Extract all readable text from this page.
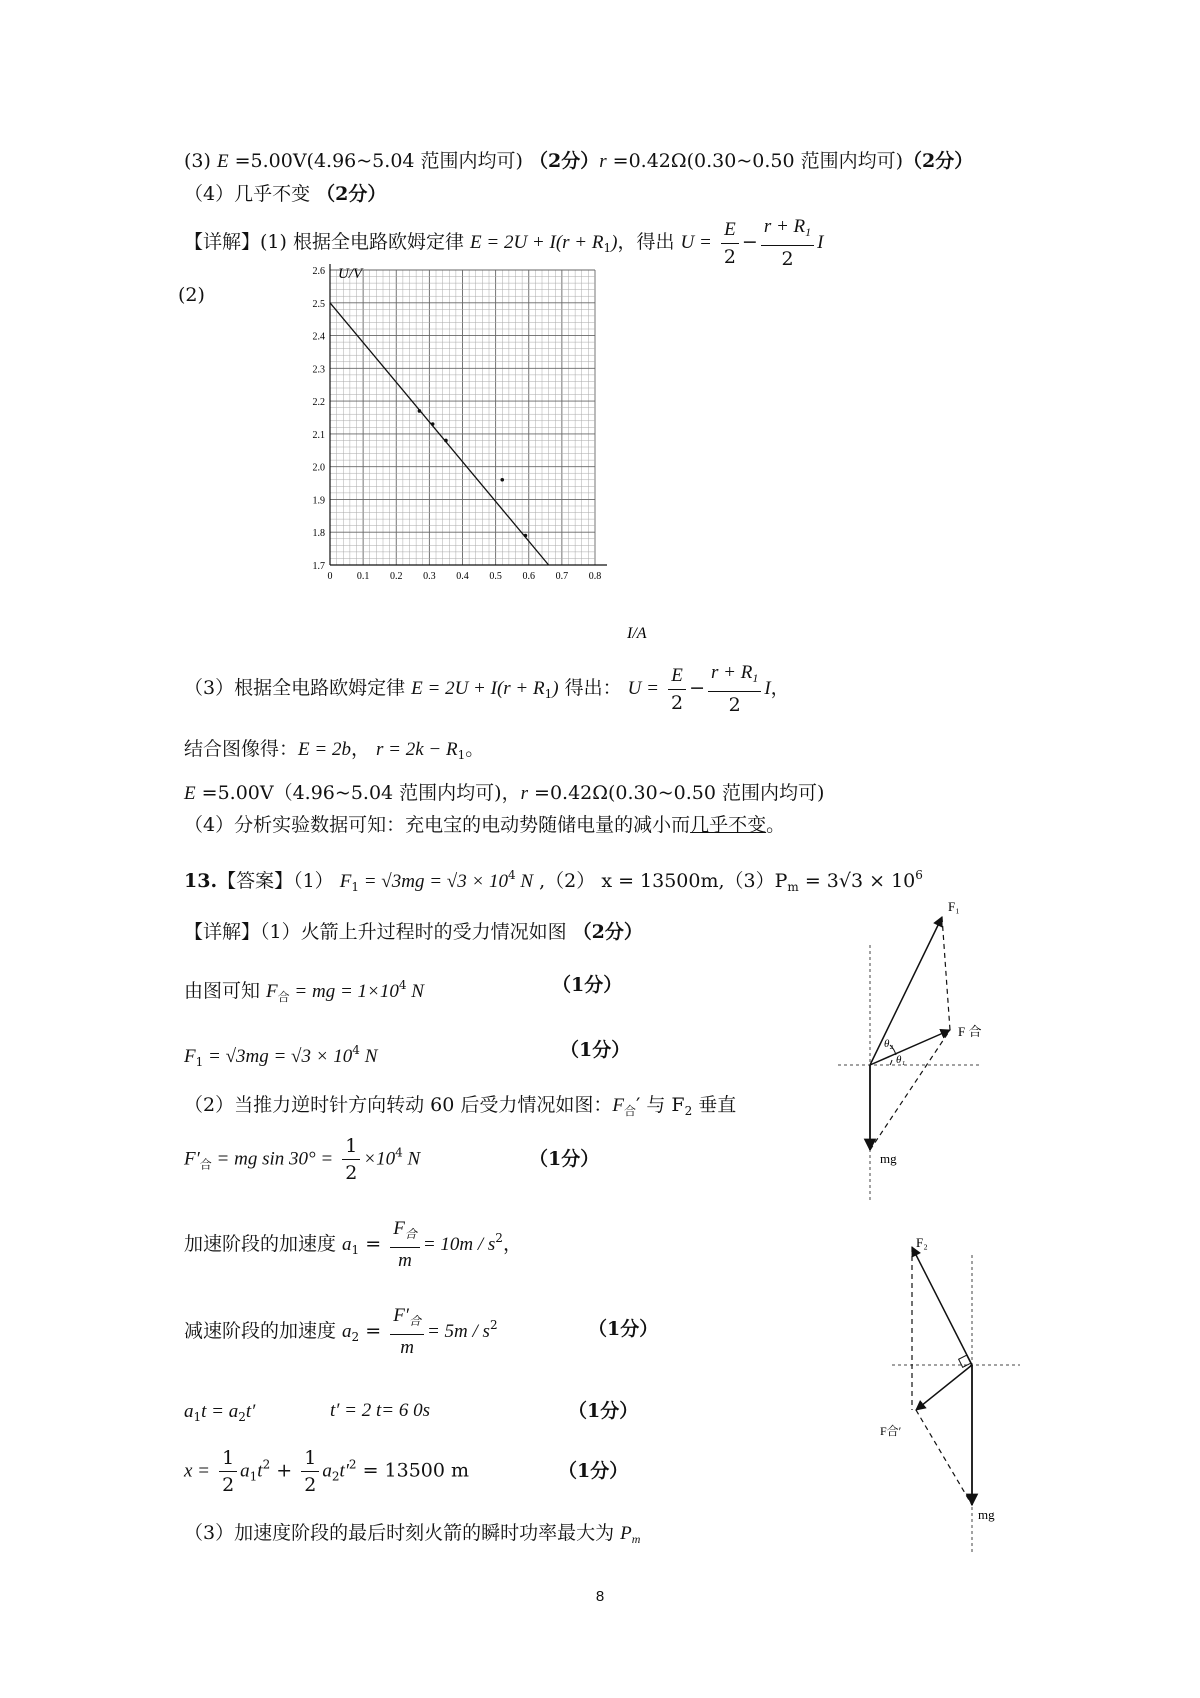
(3) E =5.00V(4.96~5.04 范围内均可) （2分）r =0.42Ω(0.30~0.50 范围内均可)（2分）
（4）几乎不变 （2分）
【详解】(1) 根据全电路欧姆定律 $E = 2U + I(r + R_1)$，得出 $U = \frac{E}{2} - \frac{r + R_1}{2}$ I
(2)
0 0.1 0.2 0.3 0.4 0.5 0.6 0.7 0.8
1.7
1.8
1.9
2.0
2.1
2.2
2.3
2.4
2.5
2.6 U/V
I/A
（3）根据全电路欧姆定律 $E = 2U + I(r + R_1)$ 得出： $U = \frac{E}{2} - \frac{r + R_1}{2}$ I，
结合图像得：E = 2b， $r = 2k - R_1$。
E =5.00V（4.96~5.04 范围内均可)，r =0.42Ω(0.30~0.50 范围内均可)
（4）分析实验数据可知：充电宝的电动势随储电量的减小而几乎不变。
13.【答案】（1） $F_1 = √3mg = √3 \times 10^4$ N ,（2） $x = 13500m,(3)P_m = 3√3 \times 10^6$
【详解】（1）火箭上升过程时的受力情况如图 （2分）
由图可知 $F_合$ = mg = $1\times 10^4$ N	（1分）
$F_1 = √3mg = √3 \times 10^4$ N	（1分）
（2）当推力逆时针方向转动 60 后受力情况如图：$F_合'$ 与 $F_2$ 垂直
$F'_合$ = mg $\sin 30^\circ = \frac{1}{2} \times 10^4$ N	（1分）
加速阶段的加速度 $a_1 = \frac{F_合}{m} = 10m / s^2$，
减速阶段的加速度 $a_2 = \frac{F'_合}{m} = 5m / s^2$	（1分）
$a_1t = a_2t'$	t′ = 2 t= 6 0s	（1分）
$x = \frac{1}{2} a_1t^2 + \frac{1}{2} a_2t'^2 = 13500$ m	（1分）
（3）加速度阶段的最后时刻火箭的瞬时功率最大为 $P_m$
F₁
F 合
θ₂
θ₁
mg
F₂
F合′
mg
8
